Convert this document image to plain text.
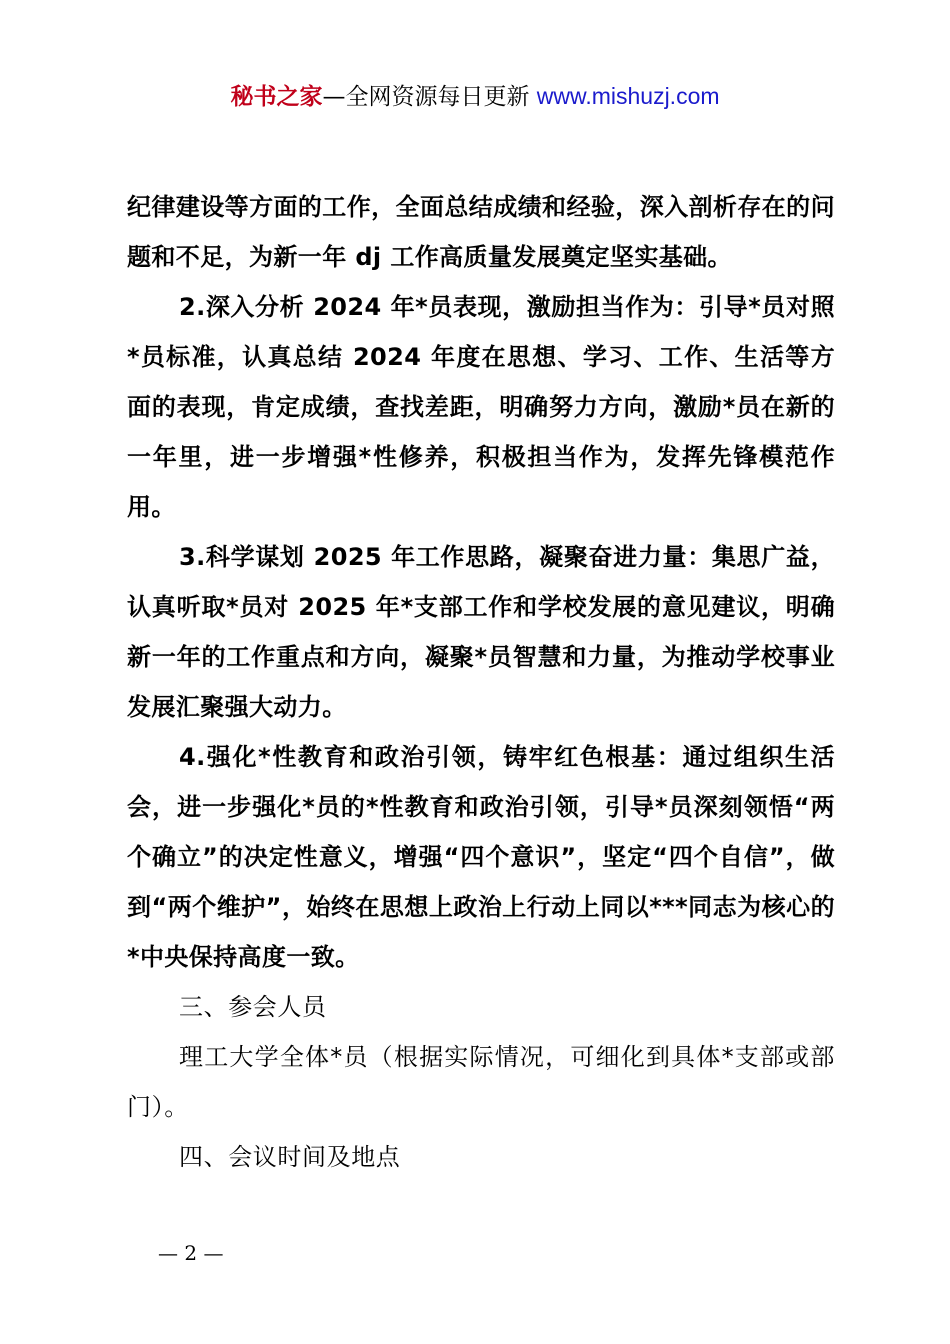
秘书之家—全网资源每日更新 www.mishuzj.com

纪律建设等方面的工作，全面总结成绩和经验，深入剖析存在的问题和不足，为新一年 dj 工作高质量发展奠定坚实基础。

2.深入分析 2024 年*员表现，激励担当作为：引导*员对照*员标准，认真总结 2024 年度在思想、学习、工作、生活等方面的表现，肯定成绩，查找差距，明确努力方向，激励*员在新的一年里，进一步增强*性修养，积极担当作为，发挥先锋模范作用。

3.科学谋划 2025 年工作思路，凝聚奋进力量：集思广益，认真听取*员对 2025 年*支部工作和学校发展的意见建议，明确新一年的工作重点和方向，凝聚*员智慧和力量，为推动学校事业发展汇聚强大动力。

4.强化*性教育和政治引领，铸牢红色根基：通过组织生活会，进一步强化*员的*性教育和政治引领，引导*员深刻领悟“两个确立”的决定性意义，增强“四个意识”，坚定“四个自信”，做到“两个维护”，始终在思想上政治上行动上同以***同志为核心的*中央保持高度一致。

三、参会人员

理工大学全体*员（根据实际情况，可细化到具体*支部或部门）。

四、会议时间及地点

— 2 —
